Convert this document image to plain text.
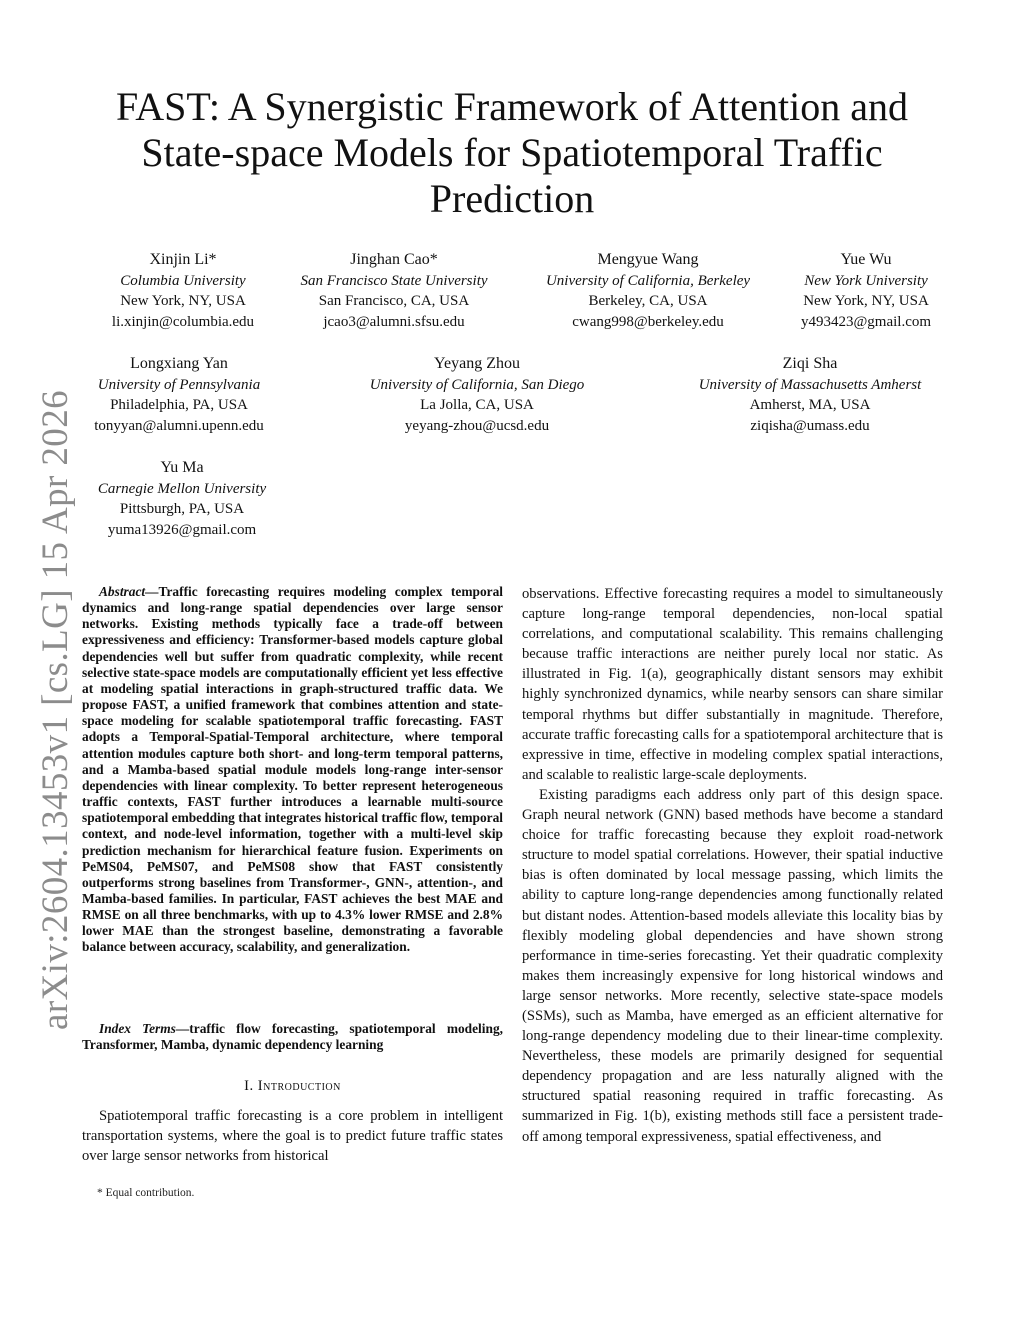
arXiv:2604.13453v1 [cs.LG] 15 Apr 2026
FAST: A Synergistic Framework of Attention and State-space Models for Spatiotemporal Traffic Prediction
Xinjin Li*
Columbia University
New York, NY, USA
li.xinjin@columbia.edu
Jinghan Cao*
San Francisco State University
San Francisco, CA, USA
jcao3@alumni.sfsu.edu
Mengyue Wang
University of California, Berkeley
Berkeley, CA, USA
cwang998@berkeley.edu
Yue Wu
New York University
New York, NY, USA
y493423@gmail.com
Longxiang Yan
University of Pennsylvania
Philadelphia, PA, USA
tonyyan@alumni.upenn.edu
Yeyang Zhou
University of California, San Diego
La Jolla, CA, USA
yeyang-zhou@ucsd.edu
Ziqi Sha
University of Massachusetts Amherst
Amherst, MA, USA
ziqisha@umass.edu
Yu Ma
Carnegie Mellon University
Pittsburgh, PA, USA
yuma13926@gmail.com
Abstract—Traffic forecasting requires modeling complex temporal dynamics and long-range spatial dependencies over large sensor networks. Existing methods typically face a trade-off between expressiveness and efficiency: Transformer-based models capture global dependencies well but suffer from quadratic complexity, while recent selective state-space models are computationally efficient yet less effective at modeling spatial interactions in graph-structured traffic data. We propose FAST, a unified framework that combines attention and state-space modeling for scalable spatiotemporal traffic forecasting. FAST adopts a Temporal-Spatial-Temporal architecture, where temporal attention modules capture both short- and long-term temporal patterns, and a Mamba-based spatial module models long-range inter-sensor dependencies with linear complexity. To better represent heterogeneous traffic contexts, FAST further introduces a learnable multi-source spatiotemporal embedding that integrates historical traffic flow, temporal context, and node-level information, together with a multi-level skip prediction mechanism for hierarchical feature fusion. Experiments on PeMS04, PeMS07, and PeMS08 show that FAST consistently outperforms strong baselines from Transformer-, GNN-, attention-, and Mamba-based families. In particular, FAST achieves the best MAE and RMSE on all three benchmarks, with up to 4.3% lower RMSE and 2.8% lower MAE than the strongest baseline, demonstrating a favorable balance between accuracy, scalability, and generalization.
Index Terms—traffic flow forecasting, spatiotemporal modeling, Transformer, Mamba, dynamic dependency learning
I. Introduction
Spatiotemporal traffic forecasting is a core problem in intelligent transportation systems, where the goal is to predict future traffic states over large sensor networks from historical
* Equal contribution.

observations. Effective forecasting requires a model to simultaneously capture long-range temporal dependencies, non-local spatial correlations, and computational scalability. This remains challenging because traffic interactions are neither purely local nor static. As illustrated in Fig. 1(a), geographically distant sensors may exhibit highly synchronized dynamics, while nearby sensors can share similar temporal rhythms but differ substantially in magnitude. Therefore, accurate traffic forecasting calls for a spatiotemporal architecture that is expressive in time, effective in modeling complex spatial interactions, and scalable to realistic large-scale deployments.

Existing paradigms each address only part of this design space. Graph neural network (GNN) based methods have become a standard choice for traffic forecasting because they exploit road-network structure to model spatial correlations. However, their spatial inductive bias is often dominated by local message passing, which limits the ability to capture long-range dependencies among functionally related but distant nodes. Attention-based models alleviate this locality bias by flexibly modeling global dependencies and have shown strong performance in time-series forecasting. Yet their quadratic complexity makes them increasingly expensive for long historical windows and large sensor networks. More recently, selective state-space models (SSMs), such as Mamba, have emerged as an efficient alternative for long-range dependency modeling due to their linear-time complexity. Nevertheless, these models are primarily designed for sequential dependency propagation and are less naturally aligned with the structured spatial reasoning required in traffic forecasting. As summarized in Fig. 1(b), existing methods still face a persistent trade-off among temporal expressiveness, spatial effectiveness, and
